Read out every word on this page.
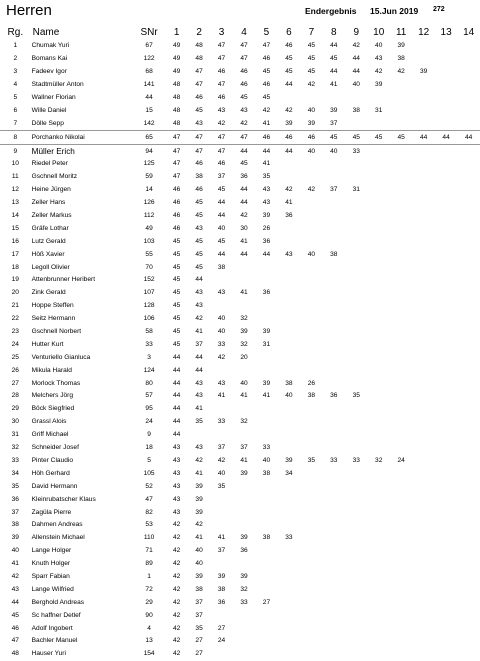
Herren	Endergebnis 15.Jun 2019 272
Rg.	Name	SNr	1	2	3	4	5	6	7	8	9	10	11	12	13	14
1	Chumak Yuri	67	49	48	47	47	47	46	45	44	42	40	39			
2	Bomans Kai	122	49	48	47	47	46	45	45	45	44	43	38			
3	Fadeev Igor	68	49	47	46	46	45	45	45	44	44	42	42	39		
4	Stadtmüller Anton	141	48	47	47	46	46	44	42	41	40	39				
5	Wallner Florian	44	48	46	46	45	45									
6	Wille Daniel	15	48	45	43	43	42	42	40	39	38	31				
7	Dölle Sepp	142	48	43	42	42	41	39	39	37						
8	Porchanko Nikolai	65	47	47	47	47	46	46	46	45	45	45	45	44	44	44
9	Müller Erich	94	47	47	47	44	44	44	40	40	33					
10	Riedel Peter	125	47	46	46	45	41									
11	Gschnell Moritz	59	47	38	37	36	35									
12	Heine Jürgen	14	46	46	45	44	43	42	42	37	31					
13	Zeller Hans	126	46	45	44	44	43	41								
14	Zeller Markus	112	46	45	44	42	39	36								
15	Gräfe Lothar	49	46	43	40	30	26									
16	Lutz Gerald	103	45	45	45	41	36									
17	Höß Xavier	55	45	45	44	44	44	43	40	38						
18	Legoll Olivier	70	45	45	38											
19	Attenbrunner Heribert	152	45	44												
20	Zink Gerald	107	45	43	43	41	36									
21	Hoppe Steffen	128	45	43												
22	Seitz Hermann	106	45	42	40	32										
23	Gschnell Norbert	58	45	41	40	39	39									
24	Hutter Kurt	33	45	37	33	32	31									
25	Venturiello Gianluca	3	44	44	42	20										
26	Mikula Harald	124	44	44												
27	Morlock Thomas	80	44	43	43	40	39	38	26							
28	Melchers Jörg	57	44	43	41	41	41	40	38	36	35					
29	Böck Siegfried	95	44	41												
30	Grassl Alois	24	44	35	33	32										
31	Griff Michael	9	44													
32	Schneider Josef	18	43	43	37	37	33									
33	Pinter Claudio	5	43	42	42	41	40	39	35	33	33	32	24			
34	Höh Gerhard	105	43	41	40	39	38	34								
35	David Hermann	52	43	39	35											
36	Kleinrubatscher Klaus	47	43	39												
37	Zagüla Pierre	82	43	39												
38	Dahmen Andreas	53	42	42												
39	Allenstein Michael	110	42	41	41	39	38	33								
40	Lange Holger	71	42	40	37	36										
41	Knuth Holger	89	42	40												
42	Sparr Fabian	1	42	39	39	39										
43	Lange Wilfried	72	42	38	38	32										
44	Berghold Andreas	29	42	37	36	33	27									
45	Sc haffner Detlef	90	42	37												
46	Adolf Ingobert	4	42	35	27											
47	Bachler Manuel	13	42	27	24											
48	Hauser Yuri	154	42	27												
